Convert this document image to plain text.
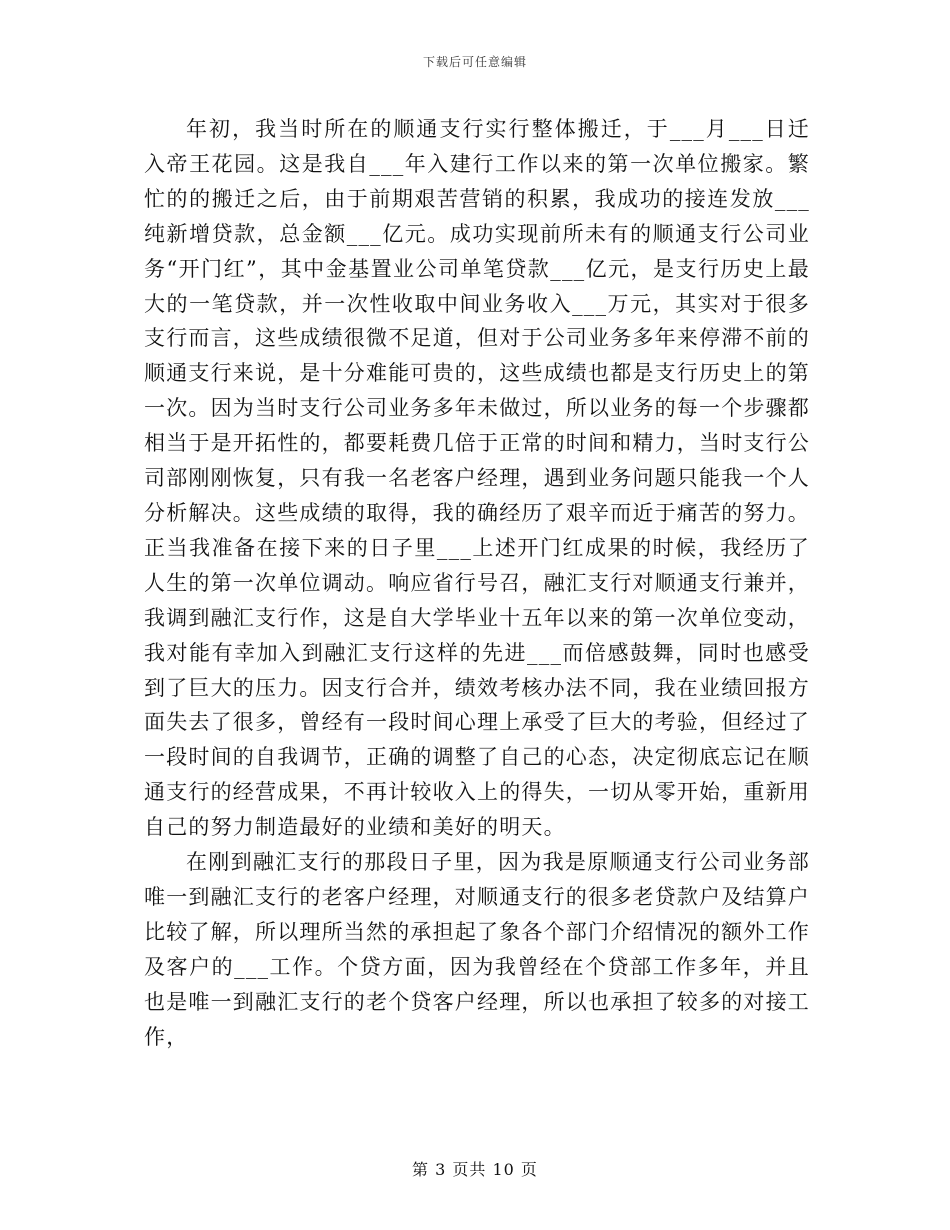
下载后可任意编辑

年初，我当时所在的顺通支行实行整体搬迁，于___月___日迁入帝王花园。这是我自___年入建行工作以来的第一次单位搬家。繁忙的的搬迁之后，由于前期艰苦营销的积累，我成功的接连发放___纯新增贷款，总金额___亿元。成功实现前所未有的顺通支行公司业务“开门红”，其中金基置业公司单笔贷款___亿元，是支行历史上最大的一笔贷款，并一次性收取中间业务收入___万元，其实对于很多支行而言，这些成绩很微不足道，但对于公司业务多年来停滞不前的顺通支行来说，是十分难能可贵的，这些成绩也都是支行历史上的第一次。因为当时支行公司业务多年未做过，所以业务的每一个步骤都相当于是开拓性的，都要耗费几倍于正常的时间和精力，当时支行公司部刚刚恢复，只有我一名老客户经理，遇到业务问题只能我一个人分析解决。这些成绩的取得，我的确经历了艰辛而近于痛苦的努力。正当我准备在接下来的日子里___上述开门红成果的时候，我经历了人生的第一次单位调动。响应省行号召，融汇支行对顺通支行兼并，我调到融汇支行作，这是自大学毕业十五年以来的第一次单位变动，我对能有幸加入到融汇支行这样的先进___而倍感鼓舞，同时也感受到了巨大的压力。因支行合并，绩效考核办法不同，我在业绩回报方面失去了很多，曾经有一段时间心理上承受了巨大的考验，但经过了一段时间的自我调节，正确的调整了自己的心态，决定彻底忘记在顺通支行的经营成果，不再计较收入上的得失，一切从零开始，重新用自己的努力制造最好的业绩和美好的明天。

在刚到融汇支行的那段日子里，因为我是原顺通支行公司业务部唯一到融汇支行的老客户经理，对顺通支行的很多老贷款户及结算户比较了解，所以理所当然的承担起了象各个部门介绍情况的额外工作及客户的___工作。个贷方面，因为我曾经在个贷部工作多年，并且也是唯一到融汇支行的老个贷客户经理，所以也承担了较多的对接工作，

第 3 页共 10 页
